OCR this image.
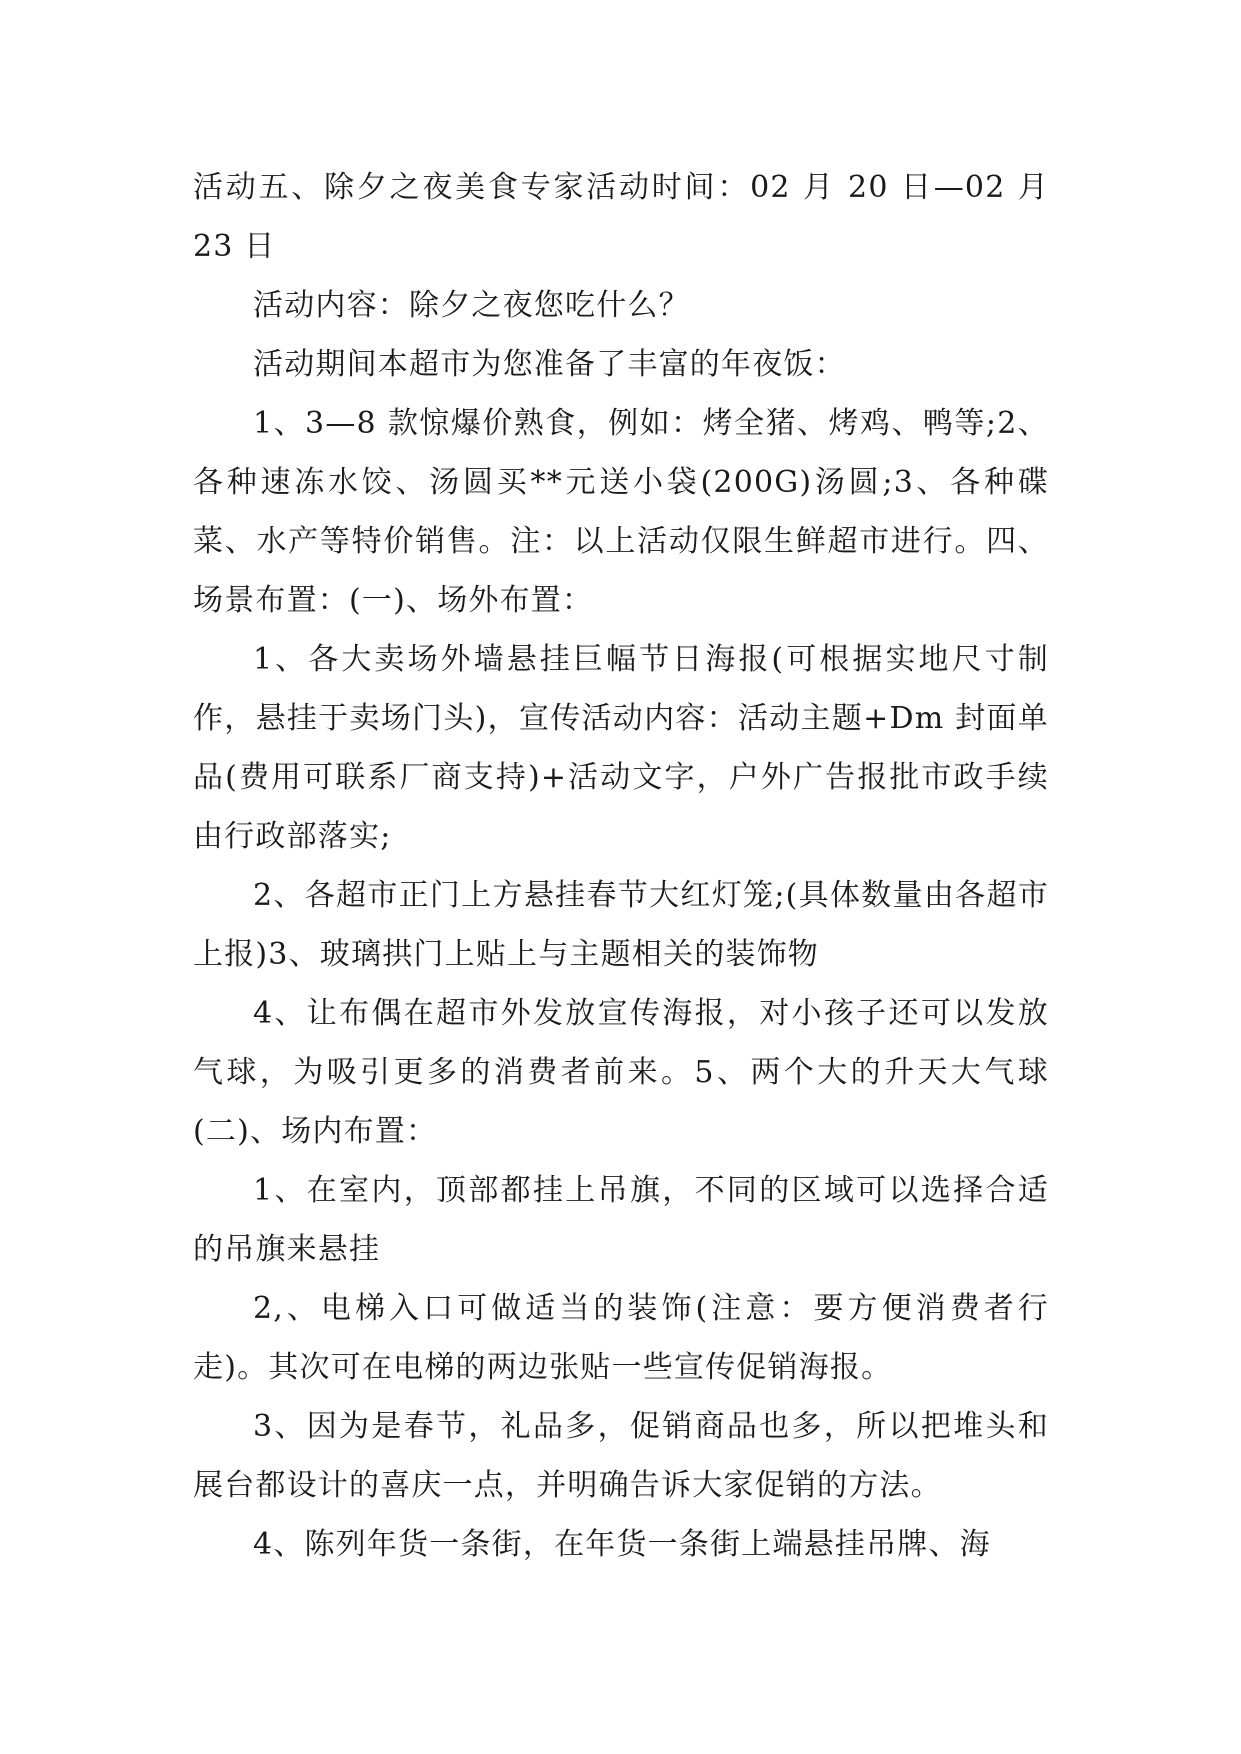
活动五、除夕之夜美食专家活动时间：02 月 20 日—02 月 23 日

活动内容：除夕之夜您吃什么？

活动期间本超市为您准备了丰富的年夜饭：

1、3—8 款惊爆价熟食，例如：烤全猪、烤鸡、鸭等;2、各种速冻水饺、汤圆买**元送小袋(200G)汤圆;3、各种碟菜、水产等特价销售。注：以上活动仅限生鲜超市进行。四、场景布置：(一)、场外布置：

1、各大卖场外墙悬挂巨幅节日海报(可根据实地尺寸制作，悬挂于卖场门头)，宣传活动内容：活动主题+Dm 封面单品(费用可联系厂商支持)+活动文字，户外广告报批市政手续由行政部落实;

2、各超市正门上方悬挂春节大红灯笼;(具体数量由各超市上报)3、玻璃拱门上贴上与主题相关的装饰物

4、让布偶在超市外发放宣传海报，对小孩子还可以发放气球，为吸引更多的消费者前来。5、两个大的升天大气球(二)、场内布置：

1、在室内，顶部都挂上吊旗，不同的区域可以选择合适的吊旗来悬挂

2,、电梯入口可做适当的装饰(注意：要方便消费者行走)。其次可在电梯的两边张贴一些宣传促销海报。

3、因为是春节，礼品多，促销商品也多，所以把堆头和展台都设计的喜庆一点，并明确告诉大家促销的方法。

4、陈列年货一条街，在年货一条街上端悬挂吊牌、海
